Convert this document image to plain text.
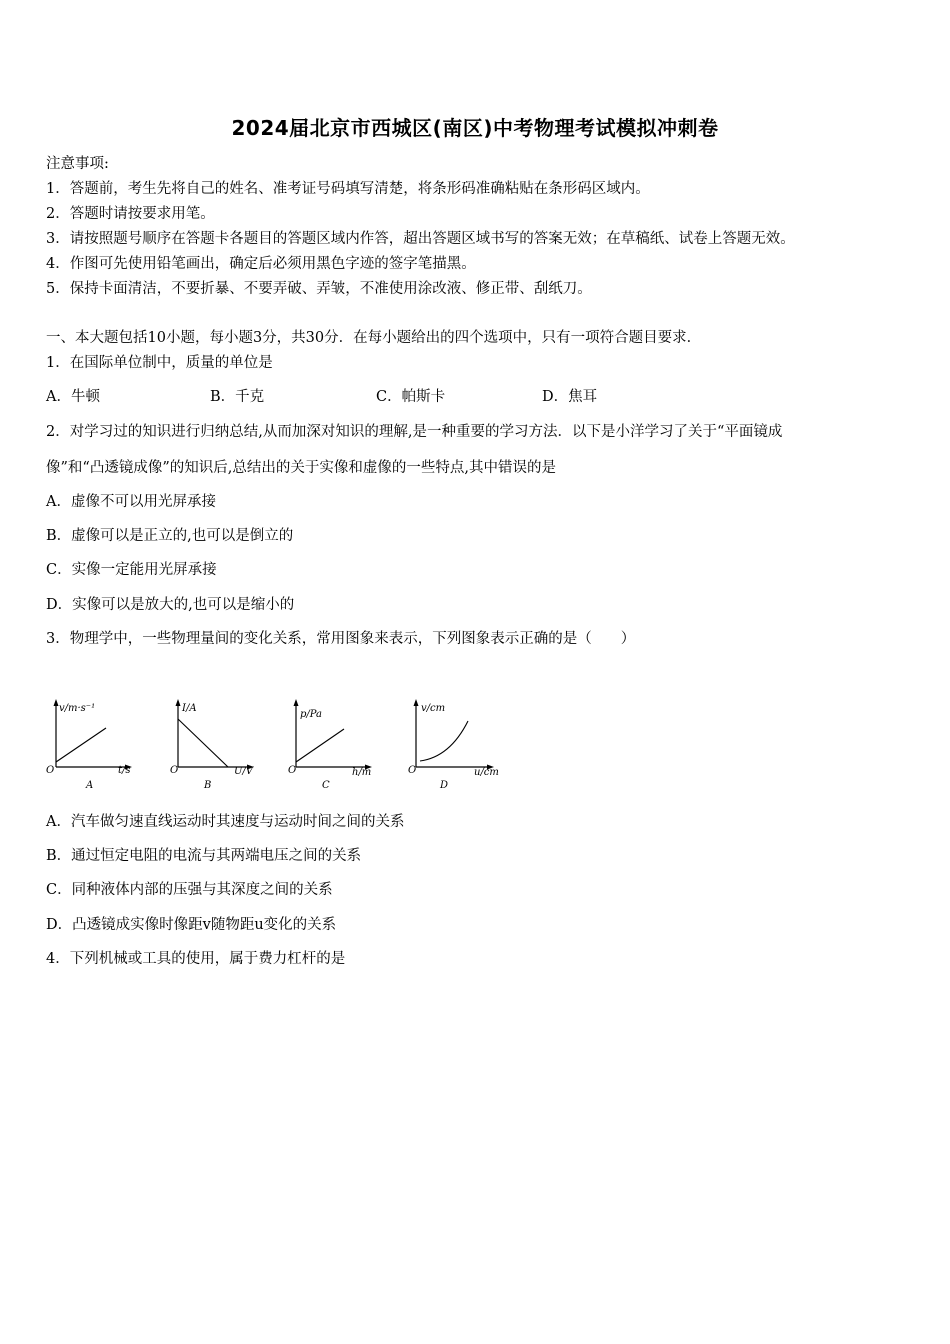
2024届北京市西城区(南区)中考物理考试模拟冲刺卷
注意事项:
1．答题前，考生先将自己的姓名、准考证号码填写清楚，将条形码准确粘贴在条形码区域内。
2．答题时请按要求用笔。
3．请按照题号顺序在答题卡各题目的答题区域内作答，超出答题区域书写的答案无效；在草稿纸、试卷上答题无效。
4．作图可先使用铅笔画出，确定后必须用黑色字迹的签字笔描黑。
5．保持卡面清洁，不要折暴、不要弄破、弄皱，不准使用涂改液、修正带、刮纸刀。
一、本大题包括10小题，每小题3分，共30分．在每小题给出的四个选项中，只有一项符合题目要求．
1．在国际单位制中，质量的单位是
A．牛顿	B．千克	C．帕斯卡	D．焦耳
2．对学习过的知识进行归纳总结,从而加深对知识的理解,是一种重要的学习方法．以下是小洋学习了关于“平面镜成
像”和“凸透镜成像”的知识后,总结出的关于实像和虚像的一些特点,其中错误的是
A．虚像不可以用光屏承接
B．虚像可以是正立的,也可以是倒立的
C．实像一定能用光屏承接
D．实像可以是放大的,也可以是缩小的
3．物理学中，一些物理量间的变化关系，常用图象来表示，下列图象表示正确的是（　　）
v/m·s⁻¹
t/s
O
A
I/A
U/V
O
B
p/Pa
h/m
O
C
v/cm
u/cm
O
D
A．汽车做匀速直线运动时其速度与运动时间之间的关系
B．通过恒定电阻的电流与其两端电压之间的关系
C．同种液体内部的压强与其深度之间的关系
D．凸透镜成实像时像距v随物距u变化的关系
4．下列机械或工具的使用，属于费力杠杆的是
